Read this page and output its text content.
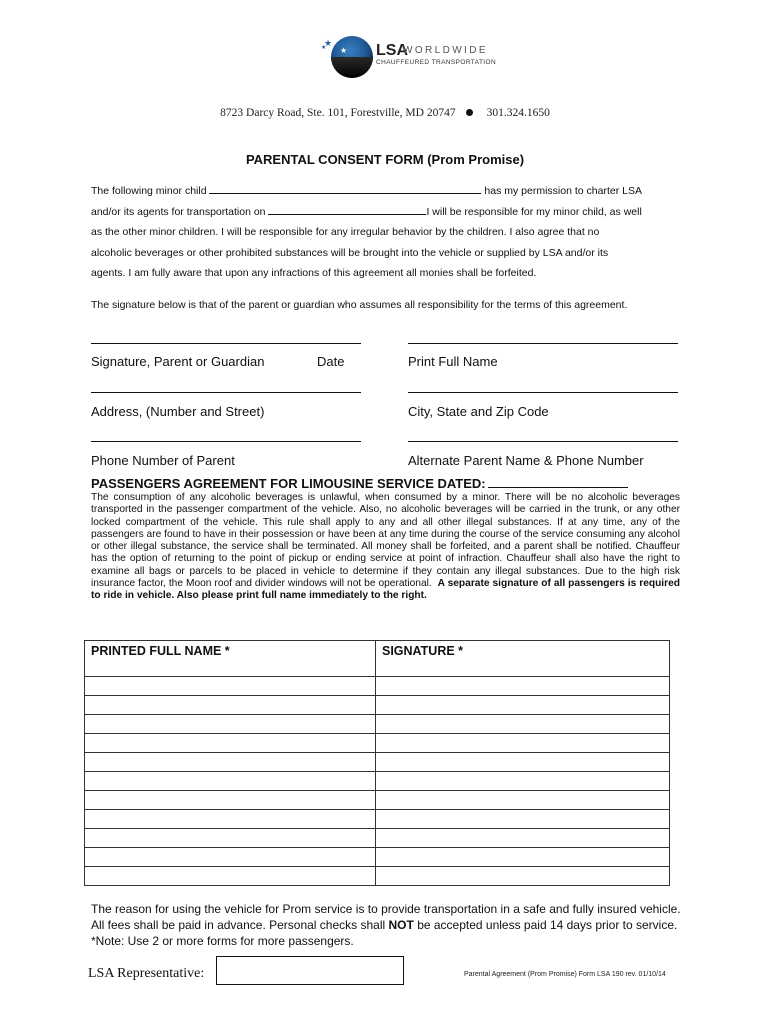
★
★ ★ LSA
WORLDWIDE
CHAUFFEURED TRANSPORTATION
8723 Darcy Road, Ste. 101, Forestville, MD 20747	301.324.1650
PARENTAL CONSENT FORM (Prom Promise)
The following minor child	has my permission to charter LSA
and/or its agents for transportation on	I will be responsible for my minor child, as well
as the other minor children. I will be responsible for any irregular behavior by the children. I also agree that no
alcoholic beverages or other prohibited substances will be brought into the vehicle or supplied by LSA and/or its
agents. I am fully aware that upon any infractions of this agreement all monies shall be forfeited.
The signature below is that of the parent or guardian who assumes all responsibility for the terms of this agreement.
Signature, Parent or Guardian	Date	Print Full Name
Address, (Number and Street)	City, State and Zip Code
Phone Number of Parent	Alternate Parent Name & Phone Number
PASSENGERS AGREEMENT FOR LIMOUSINE SERVICE DATED:
The consumption of any alcoholic beverages is unlawful, when consumed by a minor. There will be no alcoholic beverages transported in the passenger compartment of the vehicle. Also, no alcoholic beverages will be carried in the trunk, or any other locked compartment of the vehicle. This rule shall apply to any and all other illegal substances. If at any time, any of the passengers are found to have in their possession or have been at any time during the course of the service consuming any alcohol or other illegal substance, the service shall be terminated. All money shall be forfeited, and a parent shall be notified. Chauffeur has the option of returning to the point of pickup or ending service at point of infraction. Chauffeur shall also have the right to examine all bags or parcels to be placed in vehicle to determine if they contain any illegal substances. Due to the high risk insurance factor, the Moon roof and divider windows will not be operational. A separate signature of all passengers is required to ride in vehicle. Also please print full name immediately to the right.
PRINTED FULL NAME *	SIGNATURE *

The reason for using the vehicle for Prom service is to provide transportation in a safe and fully insured vehicle. All fees shall be paid in advance. Personal checks shall NOT be accepted unless paid 14 days prior to service. *Note: Use 2 or more forms for more passengers.
LSA Representative:	Parental Agreement (Prom Promise) Form LSA 190 rev. 01/10/14
